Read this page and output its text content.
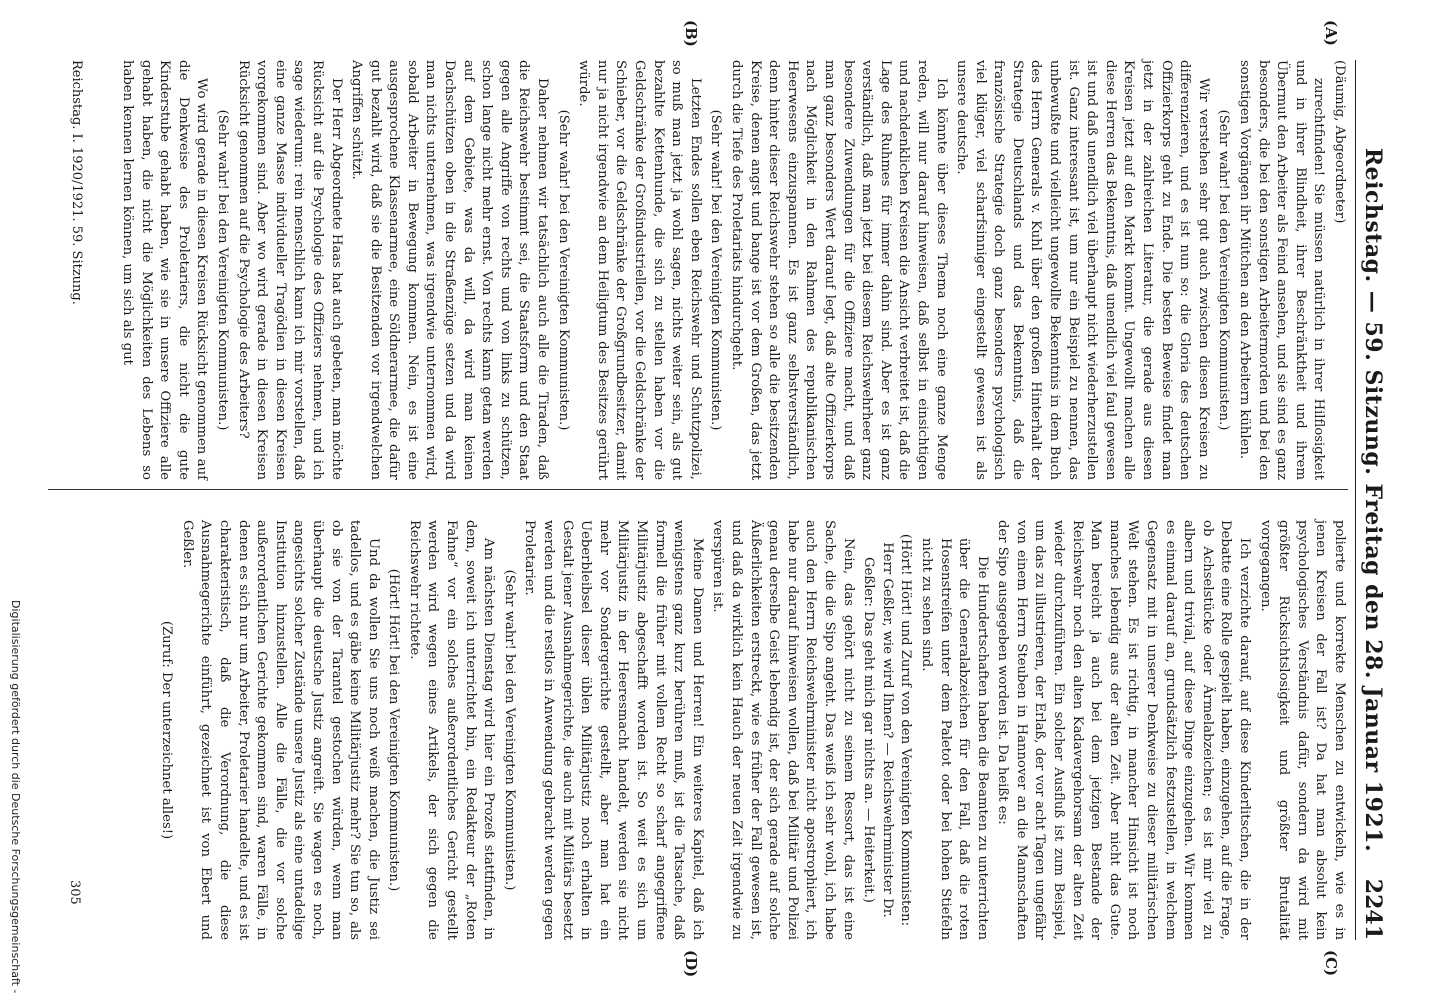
Reichstag. — 59. Sitzung. Freitag den 28. Januar 1921.
2241
(A)
(B)
(C)
(D)

(Däumig, Abgeordneter)

zurechtfinden! Sie müssen natürlich in ihrer Hilflosigkeit und in ihrer Blindheit, ihrer Beschränktheit und ihrem Übermut den Arbeiter als Feind ansehen, und sie sind es ganz besonders, die bei den sonstigen Arbeitermorden und bei den sonstigen Vorgängen ihr Mütchen an den Arbeitern kühlen.

(Sehr wahr! bei den Vereinigten Kommunisten.)

Wir verstehen sehr gut auch zwischen diesen Kreisen zu differenzieren, und es ist nun so: die Gloria des deutschen Offizierkorps geht zu Ende. Die besten Beweise findet man jetzt in der zahlreichen Literatur, die gerade aus diesen Kreisen jetzt auf den Markt kommt. Ungewollt machen alle diese Herren das Bekenntnis, daß unendlich viel faul gewesen ist und daß unendlich viel überhaupt nicht wiederherzustellen ist. Ganz interessant ist, um nur ein Beispiel zu nennen, das unbewußte und vielleicht ungewollte Bekenntnis in dem Buch des Herrn Generals v. Kuhl über den großen Hinterhalt der Strategie Deutschlands und das Bekenntnis, daß die französische Strategie doch ganz besonders psychologisch viel klüger, viel scharfsinniger eingestellt gewesen ist als unsere deutsche.

Ich könnte über dieses Thema noch eine ganze Menge reden, will nur darauf hinweisen, daß selbst in einsichtigen und nachdenklichen Kreisen die Ansicht verbreitet ist, daß die Lage des Ruhmes für immer dahin sind. Aber es ist ganz verständlich, daß man jetzt bei diesem Reichswehrheer ganz besondere Zuwendungen für die Offiziere macht, und daß man ganz besonders Wert darauf legt, daß alte Offizierkorps nach Möglichkeit in den Rahmen des republikanischen Heerwesens einzuspannen. Es ist ganz selbstverständlich, denn hinter dieser Reichswehr stehen so alle die besitzenden Kreise, denen angst und bange ist vor dem Großen, das jetzt durch die Tiefe des Proletariats hindurchgeht.

(Sehr wahr! bei den Vereinigten Kommunisten.)

Letzten Endes sollen eben Reichswehr und Schutzpolizei, so muß man jetzt ja wohl sagen, nichts weiter sein, als gut bezahlte Kettenhunde, die sich zu stellen haben vor die Geldschränke der Großindustriellen, vor die Geldschränke der Schieber, vor die Geldschränke der Großgrundbesitzer, damit nur ja nicht irgendwie an dem Heiligtum des Besitzes gerührt würde.

(Sehr wahr! bei den Vereinigten Kommunisten.)

Daher nehmen wir tatsächlich auch alle die Tiraden, daß die Reichswehr bestimmt sei, die Staatsform und den Staat gegen alle Angriffe von rechts und von links zu schützen, schon lange nicht mehr ernst. Von rechts kann getan werden auf dem Gebiete, was da will, da wird man keinen Dachschützen oben in die Straßenzüge setzen und da wird man nichts unternehmen, was irgendwie unternommen wird, sobald Arbeiter in Bewegung kommen. Nein, es ist eine ausgesprochene Klassenarmee, eine Söldnerarmee, die dafür gut bezahlt wird, daß sie die Besitzenden vor irgendwelchen Angriffen schützt.

Der Herr Abgeordnete Haas hat auch gebeten, man möchte Rücksicht auf die Psychologie des Offiziers nehmen, und ich sage wiederum: rein menschlich kann ich mir vorstellen, daß eine ganze Masse individueller Tragödien in diesen Kreisen vorgekommen sind. Aber wo wird gerade in diesen Kreisen Rücksicht genommen auf die Psychologie des Arbeiters?

(Sehr wahr! bei den Vereinigten Kommunisten.)

Wo wird gerade in diesen Kreisen Rücksicht genommen auf die Denkweise des Proletariers, die nicht die gute Kinderstube gehabt haben, wie sie in unsere Offiziere alle gehabt haben, die nicht die Möglichkeiten des Lebens so haben kennen lernen können, um sich als gut

polierte und korrekte Menschen zu entwickeln, wie es in jenen Kreisen der Fall ist? Da hat man absolut kein psychologisches Verständnis dafür, sondern da wird mit größter Rücksichtslosigkeit und größter Brutalität vorgegangen.

Ich verzichte darauf, auf diese Kinderlitschen, die in der Debatte eine Rolle gespielt haben, einzugehen, auf die Frage, ob Achselstücke oder Ärmelabzeichen; es ist mir viel zu albern und trivial, auf diese Dinge einzugehen. Wir kommen es einmal darauf an, grundsätzlich festzustellen, in welchem Gegensatz mit in unserer Denkweise zu dieser militärischen Welt stehen. Es ist richtig, in mancher Hinsicht ist noch manches lebendig aus der alten Zeit. Aber nicht das Gute. Man bereicht ja auch bei dem jetzigen Bestande der Reichswehr noch den alten Kadavergehorsam der alten Zeit wieder durchzuführen. Ein solcher Ausfluß ist zum Beispiel, um das zu illustrieren, der Erlaß, der vor acht Tagen ungefähr von einem Herrn Steuben in Hannover an die Mannschaften der Sipo ausgegeben worden ist. Da heißt es:

Die Hundertschaften haben die Beamten zu unterrichten über die Generalabzeichen für den Fall, daß die roten Hosenstreifen unter dem Paletot oder bei hohen Stiefeln nicht zu sehen sind.

(Hört! Hört! und Zuruf von den Vereinigten Kommunisten: Herr Geßler, wie wird Ihnen? — Reichswehrminister Dr. Geßler: Das geht mich gar nichts an. — Heiterkeit.)

Nein, das gehört nicht zu seinem Ressort, das ist eine Sache, die die Sipo angeht. Das weiß ich sehr wohl, ich habe auch den Herrn Reichswehrminister nicht apostrophiert, ich habe nur darauf hinweisen wollen, daß bei Militär und Polizei genau derselbe Geist lebendig ist, der sich gerade auf solche Äußerlichkeiten erstreckt, wie es früher der Fall gewesen ist, und daß da wirklich kein Hauch der neuen Zeit irgendwie zu verspüren ist.

Meine Damen und Herren! Ein weiteres Kapitel, daß ich wenigstens ganz kurz berühren muß, ist die Tatsache, daß formell die früher mit vollem Recht so scharf angegriffene Militärjustiz abgeschafft worden ist. So weit es sich um Militärjustiz in der Heeresmacht handelt, werden sie nicht mehr vor Sondergerichte gestellt, aber man hat ein Ueberbleibsel dieser üblen Militärjustiz noch erhalten in Gestalt jener Ausnahmegerichte, die auch mit Militärs besetzt werden und die restlos in Anwendung gebracht werden gegen Proletarier.

(Sehr wahr! bei den Vereinigten Kommunisten.)

Am nächsten Dienstag wird hier ein Prozeß stattfinden, in dem, soweit ich unterrichtet bin, ein Redakteur der „Roten Fahne“ vor ein solches außerordentliches Gericht gestellt werden wird wegen eines Artikels, der sich gegen die Reichswehr richtete.

(Hört! Hört! bei den Vereinigten Kommunisten.)

Und da wollen Sie uns noch weiß machen, die Justiz sei tadellos, und es gäbe keine Militärjustiz mehr? Sie tun so, als ob sie von der Tarantel gestochen würden, wenn man überhaupt die deutsche Justiz angreift. Sie wagen es noch, angesichts solcher Zustände unsere Justiz als eine untadelige Institution hinzustellen. Alle die Fälle, die vor solche außerordentlichen Gerichte gekommen sind, waren Fälle, in denen es sich nur um Arbeiter, Proletarier handelte, und es ist charakteristisch, daß die Verordnung, die diese Ausnahmegerichte einführt, gezeichnet ist von Ebert und Geßler.

(Zuruf: Der unterzeichnet alles!)

Reichstag. I. 1920/1921. 59. Sitzung.
305
Digitalisierung gefördert durch die Deutsche Forschungsgemeinschaft -
